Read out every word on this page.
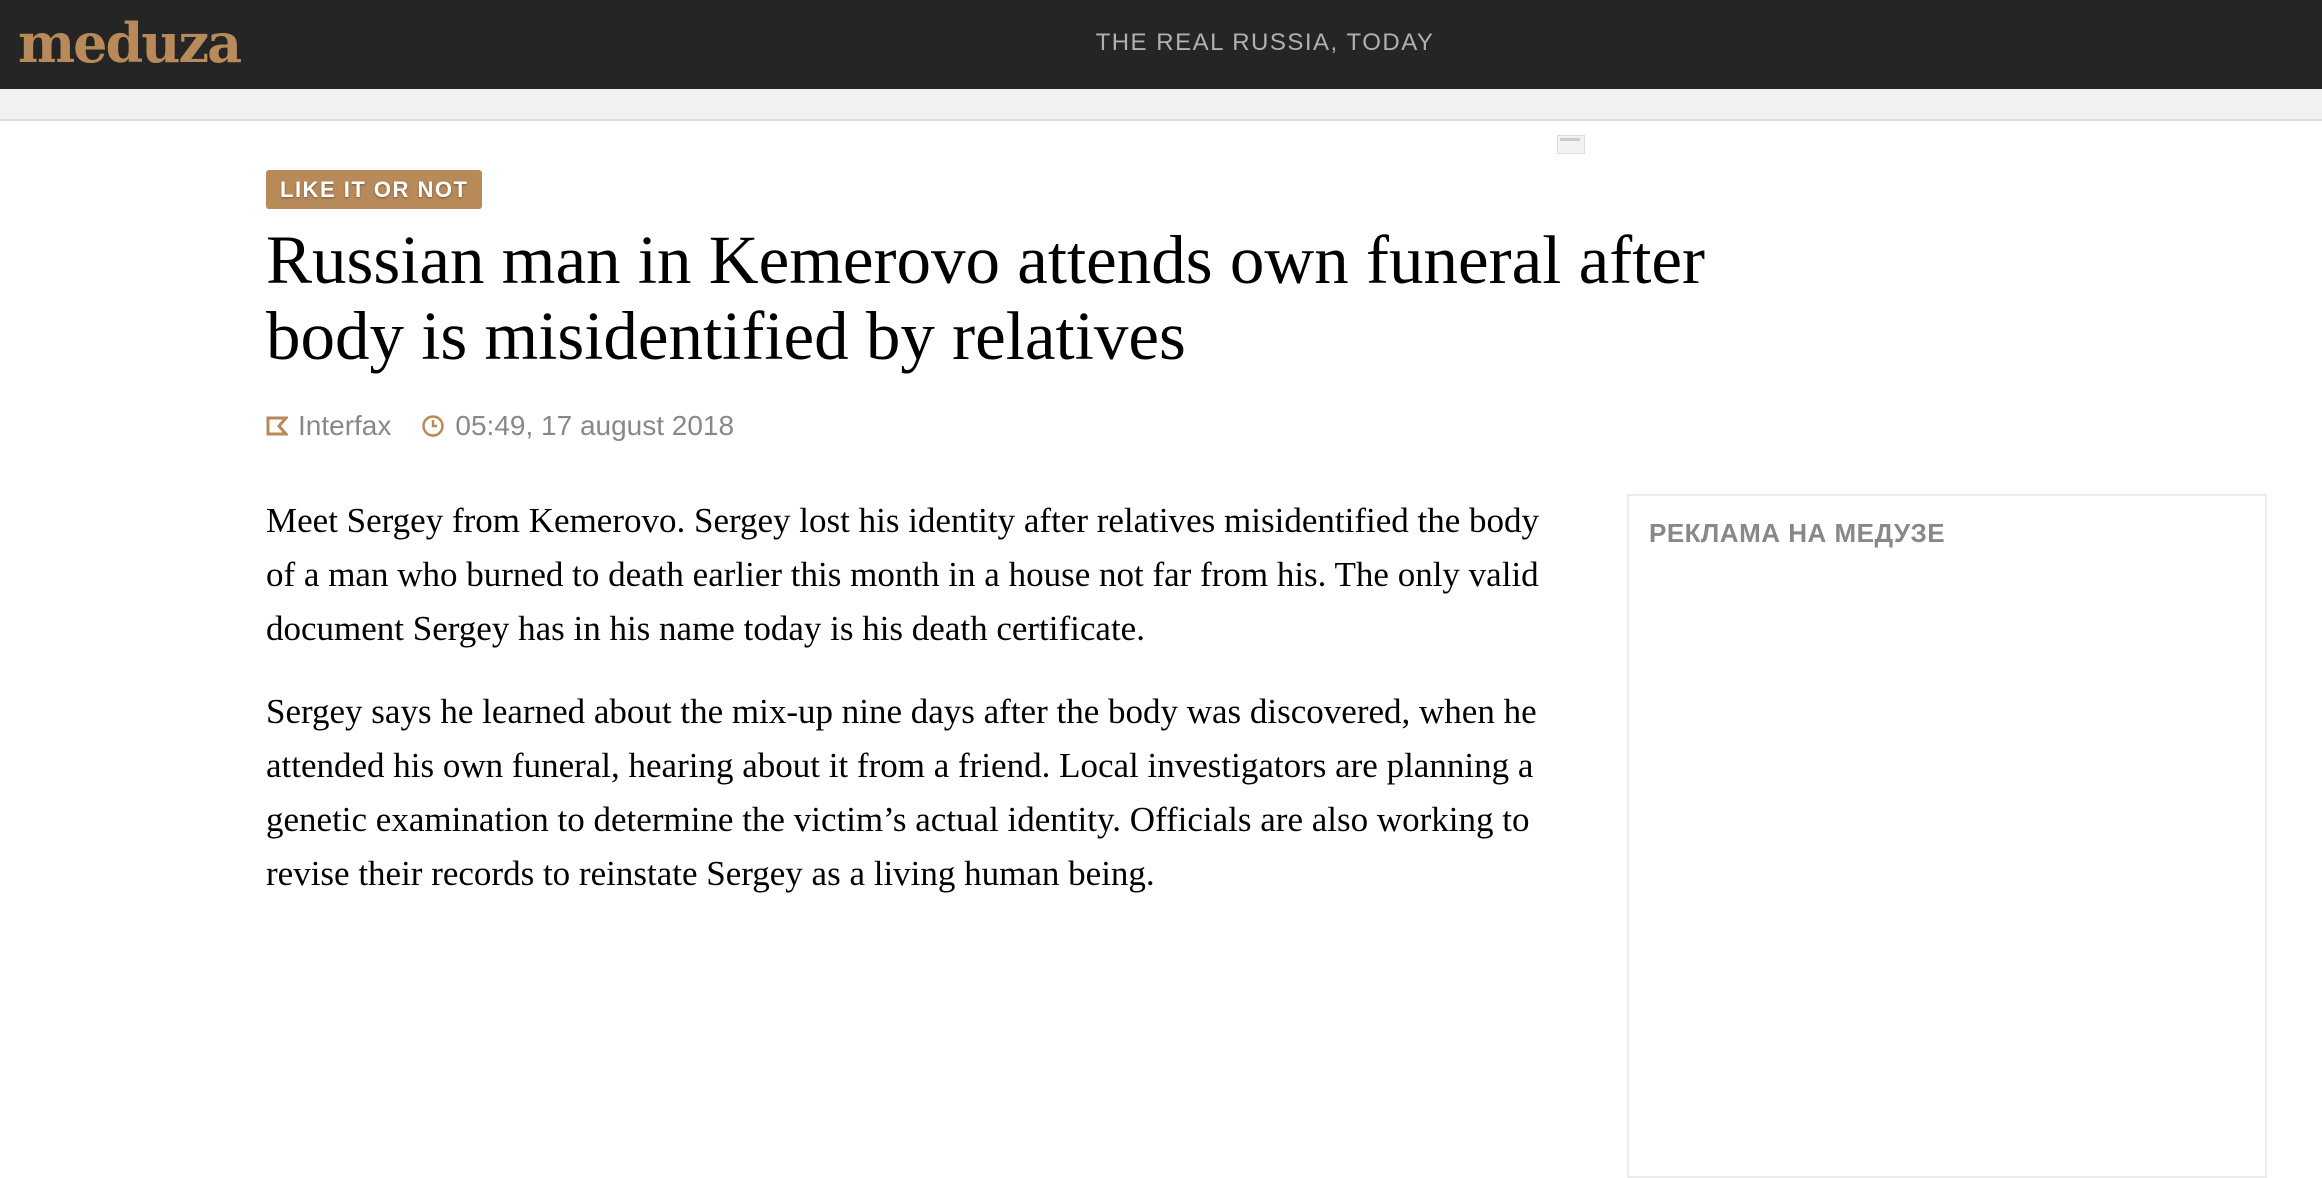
meduza	THE REAL RUSSIA, TODAY
LIKE IT OR NOT
Russian man in Kemerovo attends own funeral after body is misidentified by relatives
Interfax 05:49, 17 august 2018

Meet Sergey from Kemerovo. Sergey lost his identity after relatives misidentified the body of a man who burned to death earlier this month in a house not far from his. The only valid document Sergey has in his name today is his death certificate.

Sergey says he learned about the mix-up nine days after the body was discovered, when he attended his own funeral, hearing about it from a friend. Local investigators are planning a genetic examination to determine the victim’s actual identity. Officials are also working to revise their records to reinstate Sergey as a living human being.

РЕКЛАМА НА МЕДУЗЕ
